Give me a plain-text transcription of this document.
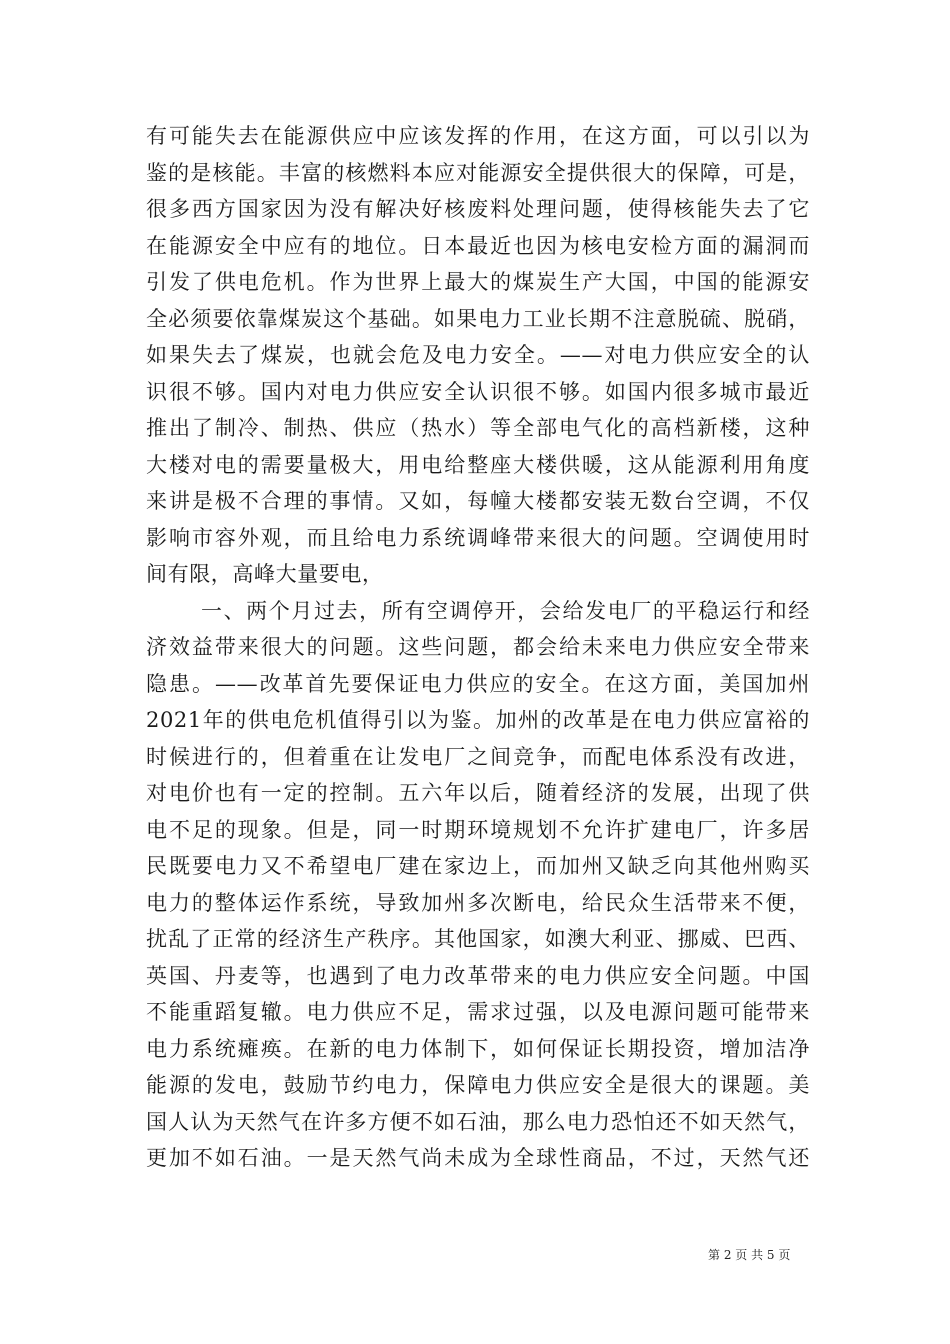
有可能失去在能源供应中应该发挥的作用，在这方面，可以引以为
鉴的是核能。丰富的核燃料本应对能源安全提供很大的保障，可是，
很多西方国家因为没有解决好核废料处理问题，使得核能失去了它
在能源安全中应有的地位。日本最近也因为核电安检方面的漏洞而
引发了供电危机。作为世界上最大的煤炭生产大国，中国的能源安
全必须要依靠煤炭这个基础。如果电力工业长期不注意脱硫、脱硝，
如果失去了煤炭，也就会危及电力安全。——对电力供应安全的认
识很不够。国内对电力供应安全认识很不够。如国内很多城市最近
推出了制冷、制热、供应（热水）等全部电气化的高档新楼，这种
大楼对电的需要量极大，用电给整座大楼供暖，这从能源利用角度
来讲是极不合理的事情。又如，每幢大楼都安装无数台空调，不仅
影响市容外观，而且给电力系统调峰带来很大的问题。空调使用时
间有限，高峰大量要电，
一、两个月过去，所有空调停开，会给发电厂的平稳运行和经
济效益带来很大的问题。这些问题，都会给未来电力供应安全带来
隐患。——改革首先要保证电力供应的安全。在这方面，美国加州
2021年的供电危机值得引以为鉴。加州的改革是在电力供应富裕的
时候进行的，但着重在让发电厂之间竞争，而配电体系没有改进，
对电价也有一定的控制。五六年以后，随着经济的发展，出现了供
电不足的现象。但是，同一时期环境规划不允许扩建电厂，许多居
民既要电力又不希望电厂建在家边上，而加州又缺乏向其他州购买
电力的整体运作系统，导致加州多次断电，给民众生活带来不便，
扰乱了正常的经济生产秩序。其他国家，如澳大利亚、挪威、巴西、
英国、丹麦等，也遇到了电力改革带来的电力供应安全问题。中国
不能重蹈复辙。电力供应不足，需求过强，以及电源问题可能带来
电力系统瘫痪。在新的电力体制下，如何保证长期投资，增加洁净
能源的发电，鼓励节约电力，保障电力供应安全是很大的课题。美
国人认为天然气在许多方便不如石油，那么电力恐怕还不如天然气，
更加不如石油。一是天然气尚未成为全球性商品，不过，天然气还
第 2 页 共 5 页
